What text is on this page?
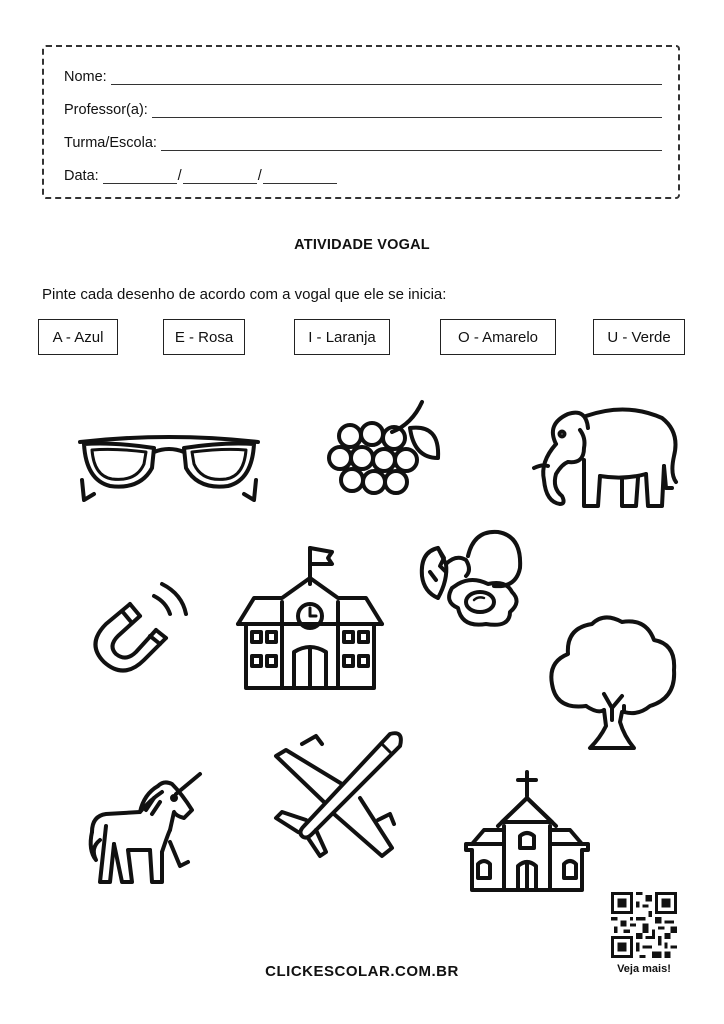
Nome:
Professor(a):
Turma/Escola:
Data:	/	/
ATIVIDADE VOGAL
Pinte cada desenho de acordo com a vogal que ele se inicia:
A - Azul	E - Rosa	I - Laranja	O - Amarelo	U - Verde
Veja mais!
CLICKESCOLAR.COM.BR
